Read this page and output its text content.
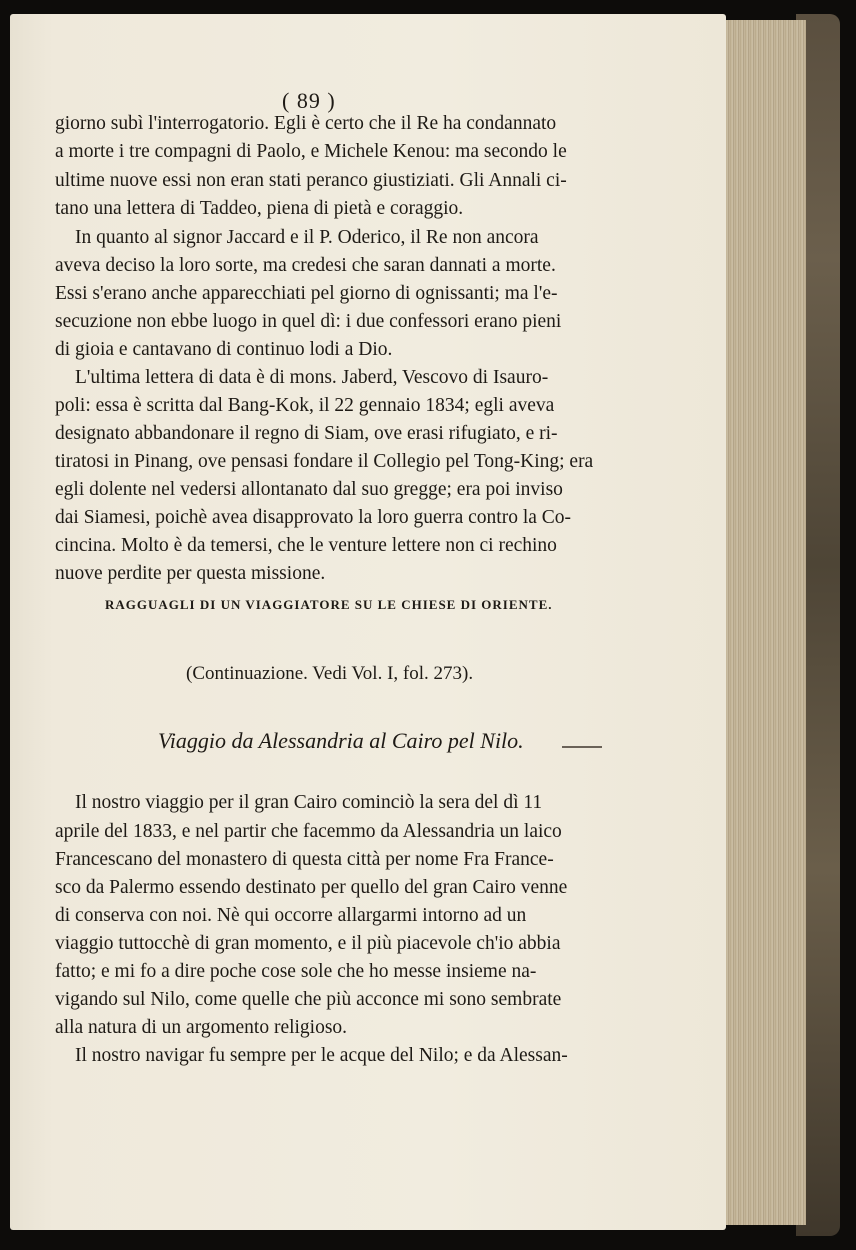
( 89 )
giorno subì l'interrogatorio. Egli è certo che il Re ha condannato
a morte i tre compagni di Paolo, e Michele Kenou: ma secondo le
ultime nuove essi non eran stati peranco giustiziati. Gli Annali ci-
tano una lettera di Taddeo, piena di pietà e coraggio.
In quanto al signor Jaccard e il P. Oderico, il Re non ancora
aveva deciso la loro sorte, ma credesi che saran dannati a morte.
Essi s'erano anche apparecchiati pel giorno di ognissanti; ma l'e-
secuzione non ebbe luogo in quel dì: i due confessori erano pieni
di gioia e cantavano di continuo lodi a Dio.
L'ultima lettera di data è di mons. Jaberd, Vescovo di Isauro-
poli: essa è scritta dal Bang-Kok, il 22 gennaio 1834; egli aveva
designato abbandonare il regno di Siam, ove erasi rifugiato, e ri-
tiratosi in Pinang, ove pensasi fondare il Collegio pel Tong-King; era
egli dolente nel vedersi allontanato dal suo gregge; era poi inviso
dai Siamesi, poichè avea disapprovato la loro guerra contro la Co-
cincina. Molto è da temersi, che le venture lettere non ci rechino
nuove perdite per questa missione.
RAGGUAGLI DI UN VIAGGIATORE SU LE CHIESE DI ORIENTE.
(Continuazione. Vedi Vol. I, fol. 273).
Viaggio da Alessandria al Cairo pel Nilo.
Il nostro viaggio per il gran Cairo cominciò la sera del dì 11
aprile del 1833, e nel partir che facemmo da Alessandria un laico
Francescano del monastero di questa città per nome Fra France-
sco da Palermo essendo destinato per quello del gran Cairo venne
di conserva con noi. Nè qui occorre allargarmi intorno ad un
viaggio tuttocchè di gran momento, e il più piacevole ch'io abbia
fatto; e mi fo a dire poche cose sole che ho messe insieme na-
vigando sul Nilo, come quelle che più acconce mi sono sembrate
alla natura di un argomento religioso.
Il nostro navigar fu sempre per le acque del Nilo; e da Alessan-
